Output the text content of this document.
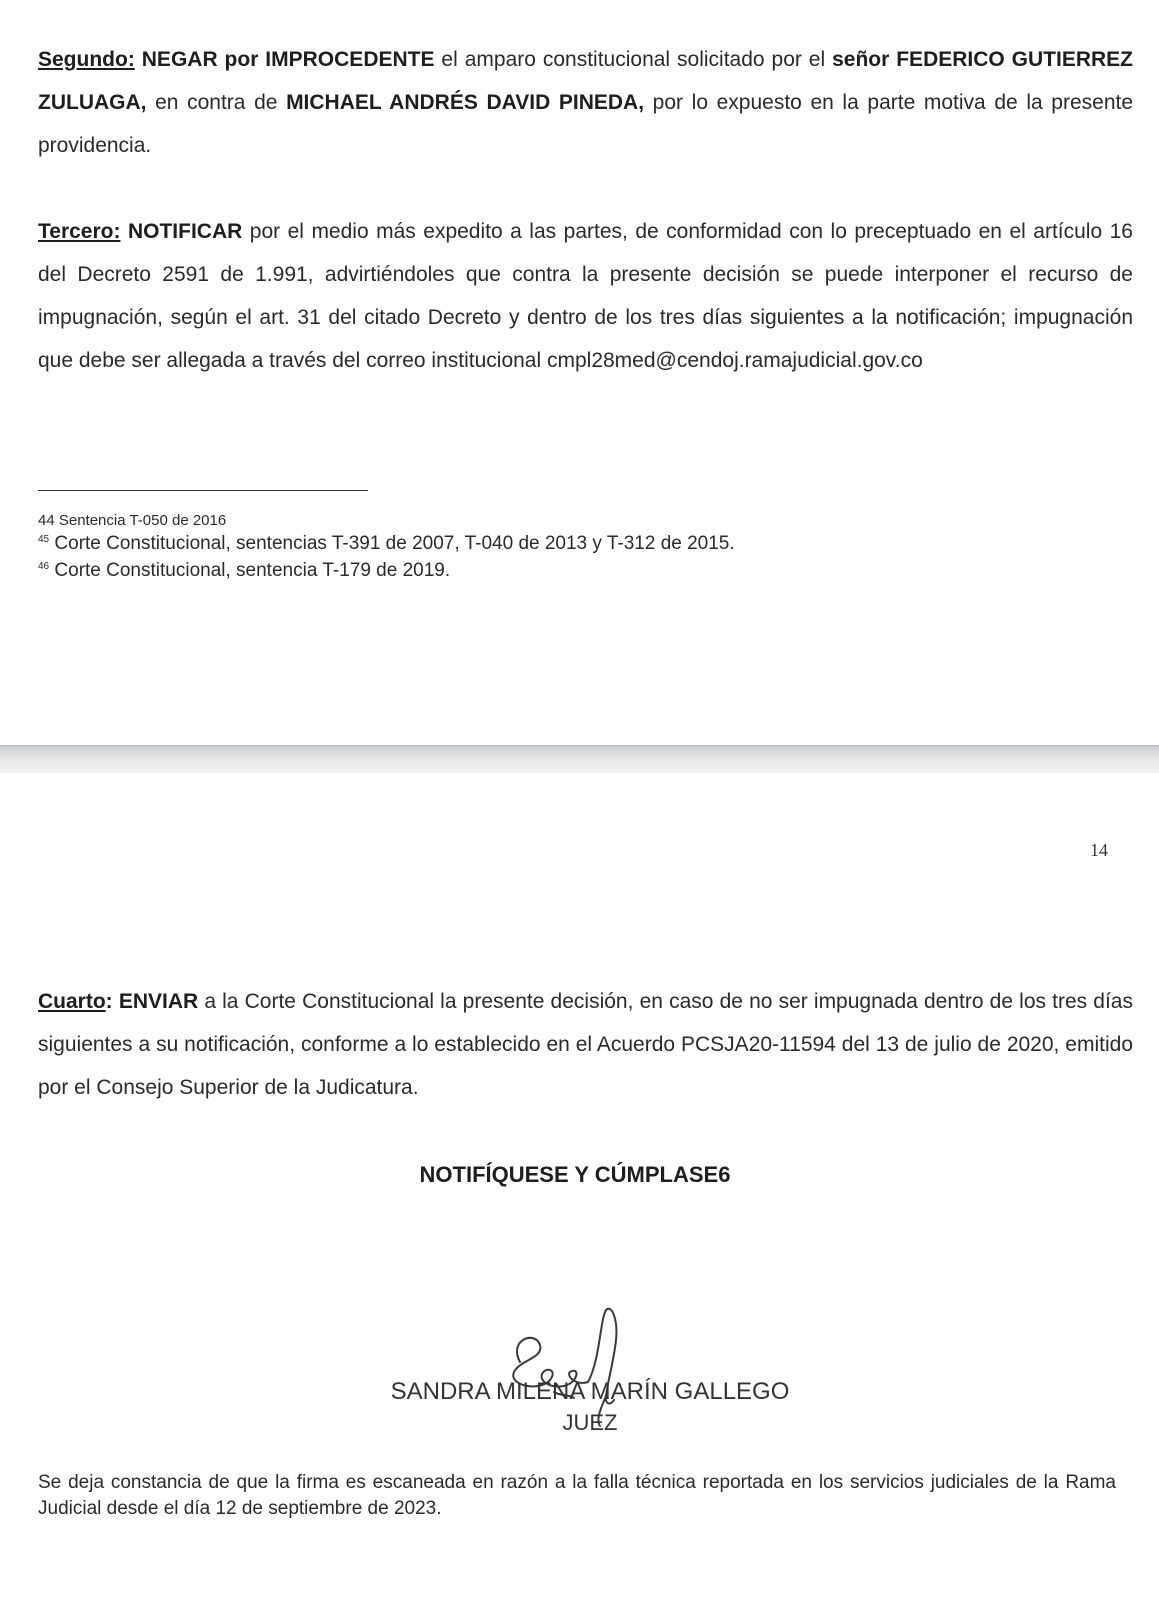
Segundo: NEGAR por IMPROCEDENTE el amparo constitucional solicitado por el señor FEDERICO GUTIERREZ ZULUAGA, en contra de MICHAEL ANDRÉS DAVID PINEDA, por lo expuesto en la parte motiva de la presente providencia.

Tercero: NOTIFICAR por el medio más expedito a las partes, de conformidad con lo preceptuado en el artículo 16 del Decreto 2591 de 1.991, advirtiéndoles que contra la presente decisión se puede interponer el recurso de impugnación, según el art. 31 del citado Decreto y dentro de los tres días siguientes a la notificación; impugnación que debe ser allegada a través del correo institucional cmpl28med@cendoj.ramajudicial.gov.co

44 Sentencia T-050 de 2016

$^{45}$ Corte Constitucional, sentencias T-391 de 2007, T-040 de 2013 y T-312 de 2015.

$^{46}$ Corte Constitucional, sentencia T-179 de 2019.

14

Cuarto: ENVIAR a la Corte Constitucional la presente decisión, en caso de no ser impugnada dentro de los tres días siguientes a su notificación, conforme a lo establecido en el Acuerdo PCSJA20-11594 del 13 de julio de 2020, emitido por el Consejo Superior de la Judicatura.

NOTIFÍQUESE Y CÚMPLASE6
SANDRA MILENA MARÍN GALLEGO
JUEZ

Se deja constancia de que la firma es escaneada en razón a la falla técnica reportada en los servicios judiciales de la Rama Judicial desde el día 12 de septiembre de 2023.
